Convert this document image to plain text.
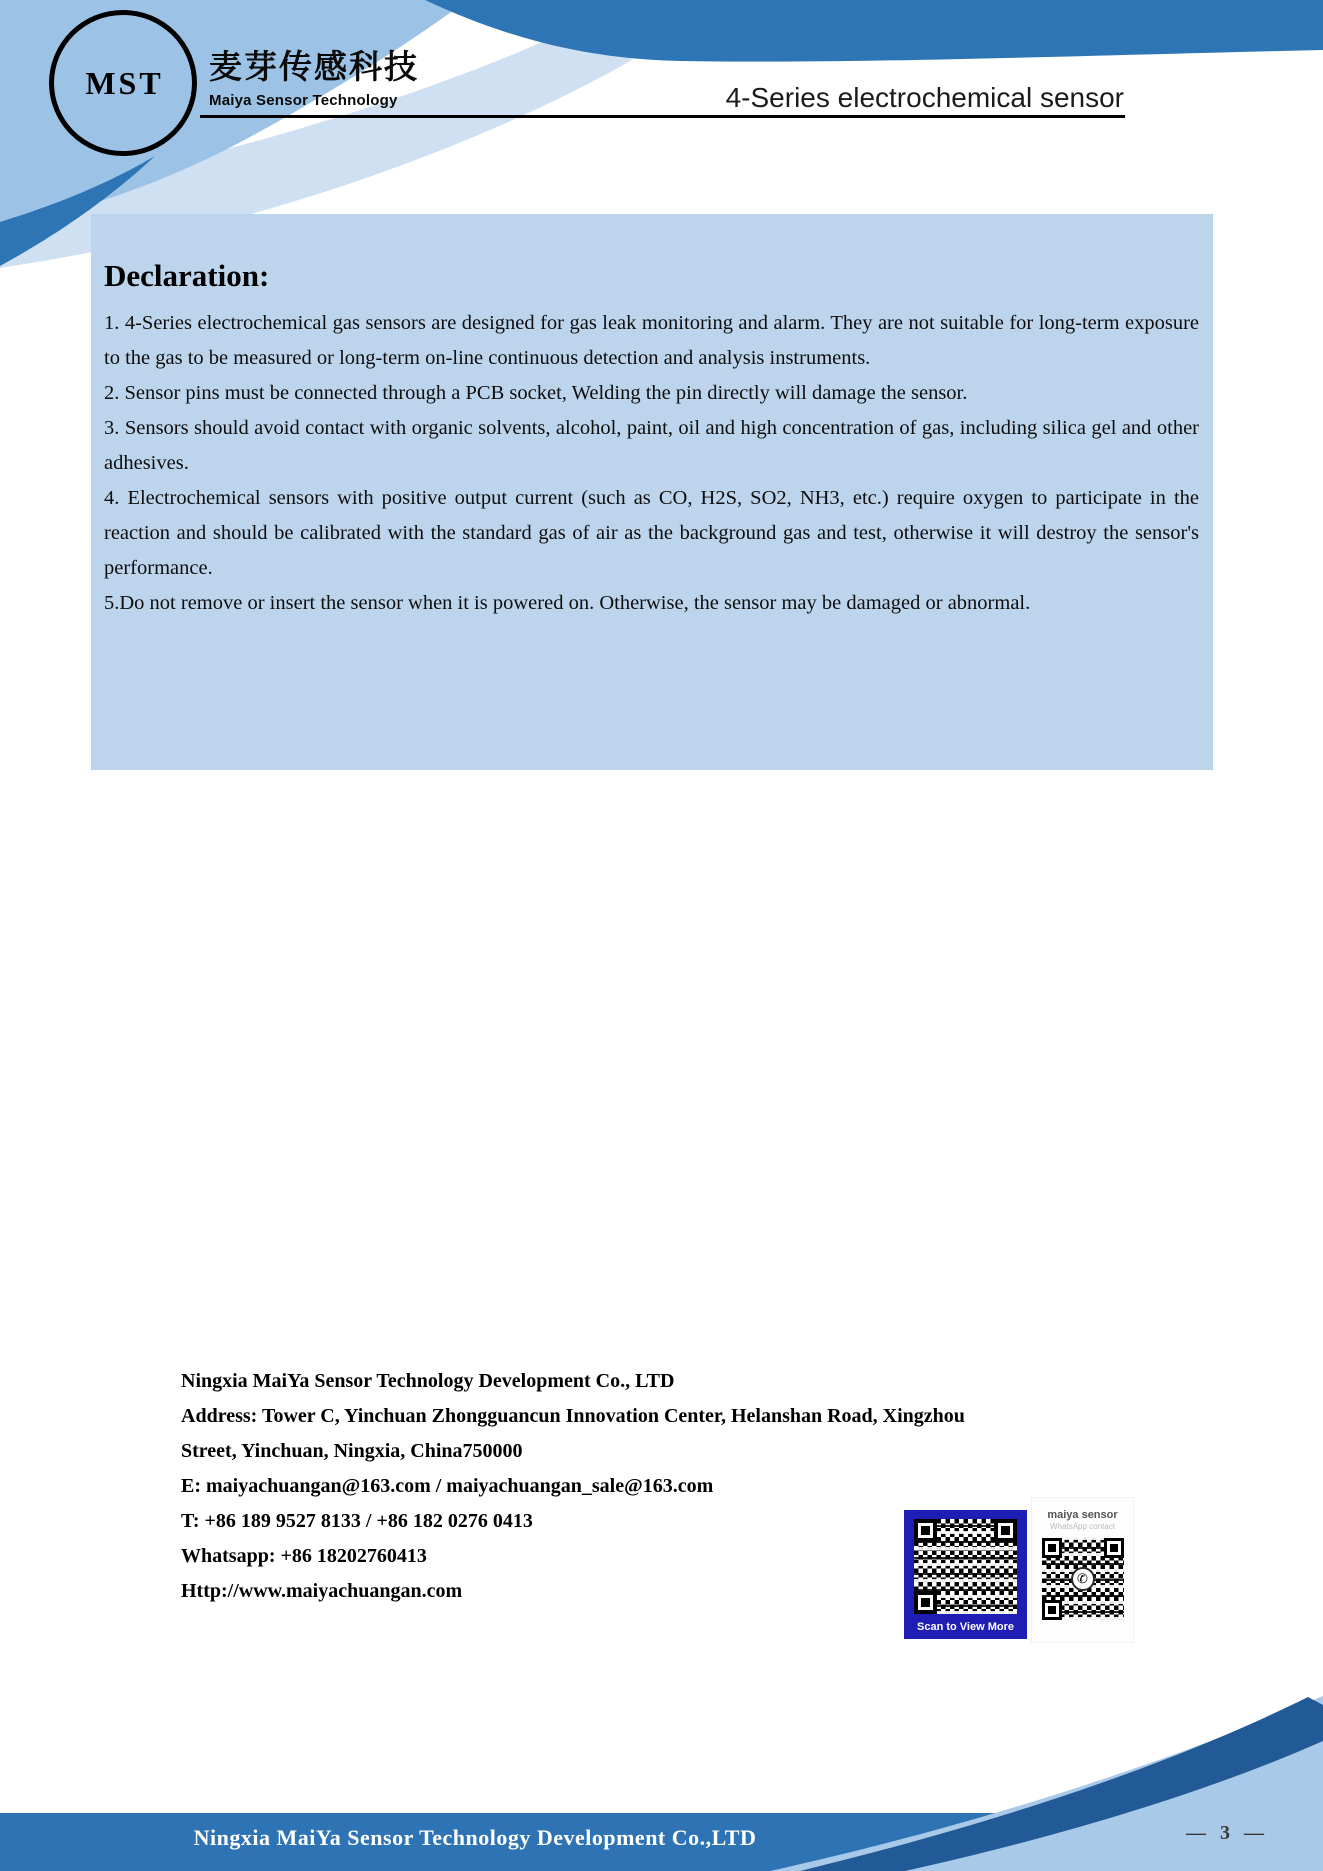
MST 麦芽传感科技
Maiya Sensor Technology	4-Series electrochemical sensor
Declaration:

1. 4-Series electrochemical gas sensors are designed for gas leak monitoring and alarm. They are not suitable for long-term exposure to the gas to be measured or long-term on-line continuous detection and analysis instruments.

2. Sensor pins must be connected through a PCB socket, Welding the pin directly will damage the sensor.

3. Sensors should avoid contact with organic solvents, alcohol, paint, oil and high concentration of gas, including silica gel and other adhesives.

4. Electrochemical sensors with positive output current (such as CO, H2S, SO2, NH3, etc.) require oxygen to participate in the reaction and should be calibrated with the standard gas of air as the background gas and test, otherwise it will destroy the sensor's performance.

5.Do not remove or insert the sensor when it is powered on. Otherwise, the sensor may be damaged or abnormal.

Ningxia MaiYa Sensor Technology Development Co., LTD
Address: Tower C, Yinchuan Zhongguancun Innovation Center, Helanshan Road, Xingzhou
Street, Yinchuan, Ningxia, China750000
E: maiyachuangan@163.com / maiyachuangan_sale@163.com
T: +86 189 9527 8133 / +86 182 0276 0413
Whatsapp: +86 18202760413
Http://www.maiyachuangan.com
Scan to View More
maiya sensor
WhatsApp contact
✆
Ningxia MaiYa Sensor Technology Development Co.,LTD	— 3 —
